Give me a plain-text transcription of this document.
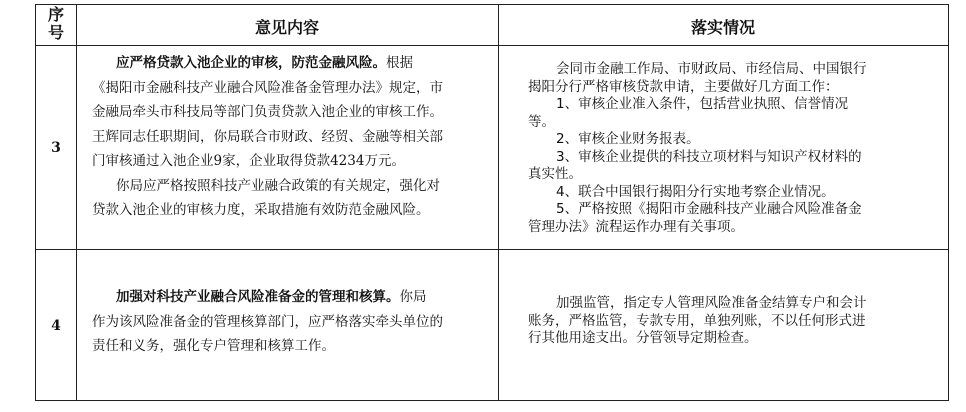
序
号	意见内容	落实情况
3

应严格贷款入池企业的审核，防范金融风险。根据

《揭阳市金融科技产业融合风险准备金管理办法》规定，市

金融局牵头市科技局等部门负责贷款入池企业的审核工作。

王辉同志任职期间，你局联合市财政、经贸、金融等相关部

门审核通过入池企业9家，企业取得贷款4234万元。

你局应严格按照科技产业融合政策的有关规定，强化对

贷款入池企业的审核力度，采取措施有效防范金融风险。

会同市金融工作局、市财政局、市经信局、中国银行

揭阳分行严格审核贷款申请，主要做好几方面工作：

1、审核企业准入条件，包括营业执照、信誉情况

等。

2、审核企业财务报表。

3、审核企业提供的科技立项材料与知识产权材料的

真实性。

4、联合中国银行揭阳分行实地考察企业情况。

5、严格按照《揭阳市金融科技产业融合风险准备金

管理办法》流程运作办理有关事项。

4

加强对科技产业融合风险准备金的管理和核算。你局

作为该风险准备金的管理核算部门，应严格落实牵头单位的

责任和义务，强化专户管理和核算工作。

加强监管，指定专人管理风险准备金结算专户和会计

账务，严格监管，专款专用，单独列账，不以任何形式进

行其他用途支出。分管领导定期检查。
